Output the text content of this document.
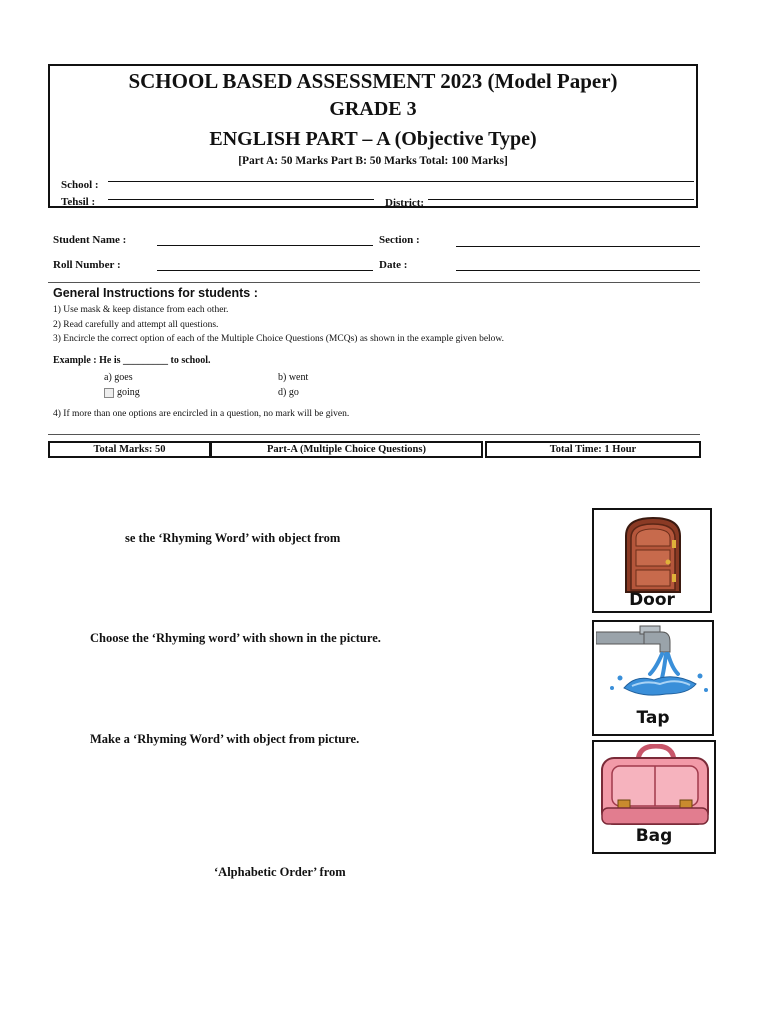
SCHOOL BASED ASSESSMENT 2023 (Model Paper)
GRADE 3
ENGLISH PART – A (Objective Type)
[Part A: 50 Marks Part B: 50 Marks Total: 100 Marks]
School :
Tehsil :	District:
Student Name :	Section :
Roll Number :	Date :
General Instructions for students :
1) Use mask & keep distance from each other.
2) Read carefully and attempt all questions.
3) Encircle the correct option of each of the Multiple Choice Questions (MCQs) as shown in the example given below.
Example : He is _________ to school.
a) goes	b) went
going	d) go
4) If more than one options are encircled in a question, no mark will be given.
Total Marks: 50	Part-A (Multiple Choice Questions)	Total Time: 1 Hour
se the ‘Rhyming Word’ with object from
Choose the ‘Rhyming word’ with shown in the picture.
Make a ‘Rhyming Word’ with object from picture.
‘Alphabetic Order’ from
Door
Tap
Bag
